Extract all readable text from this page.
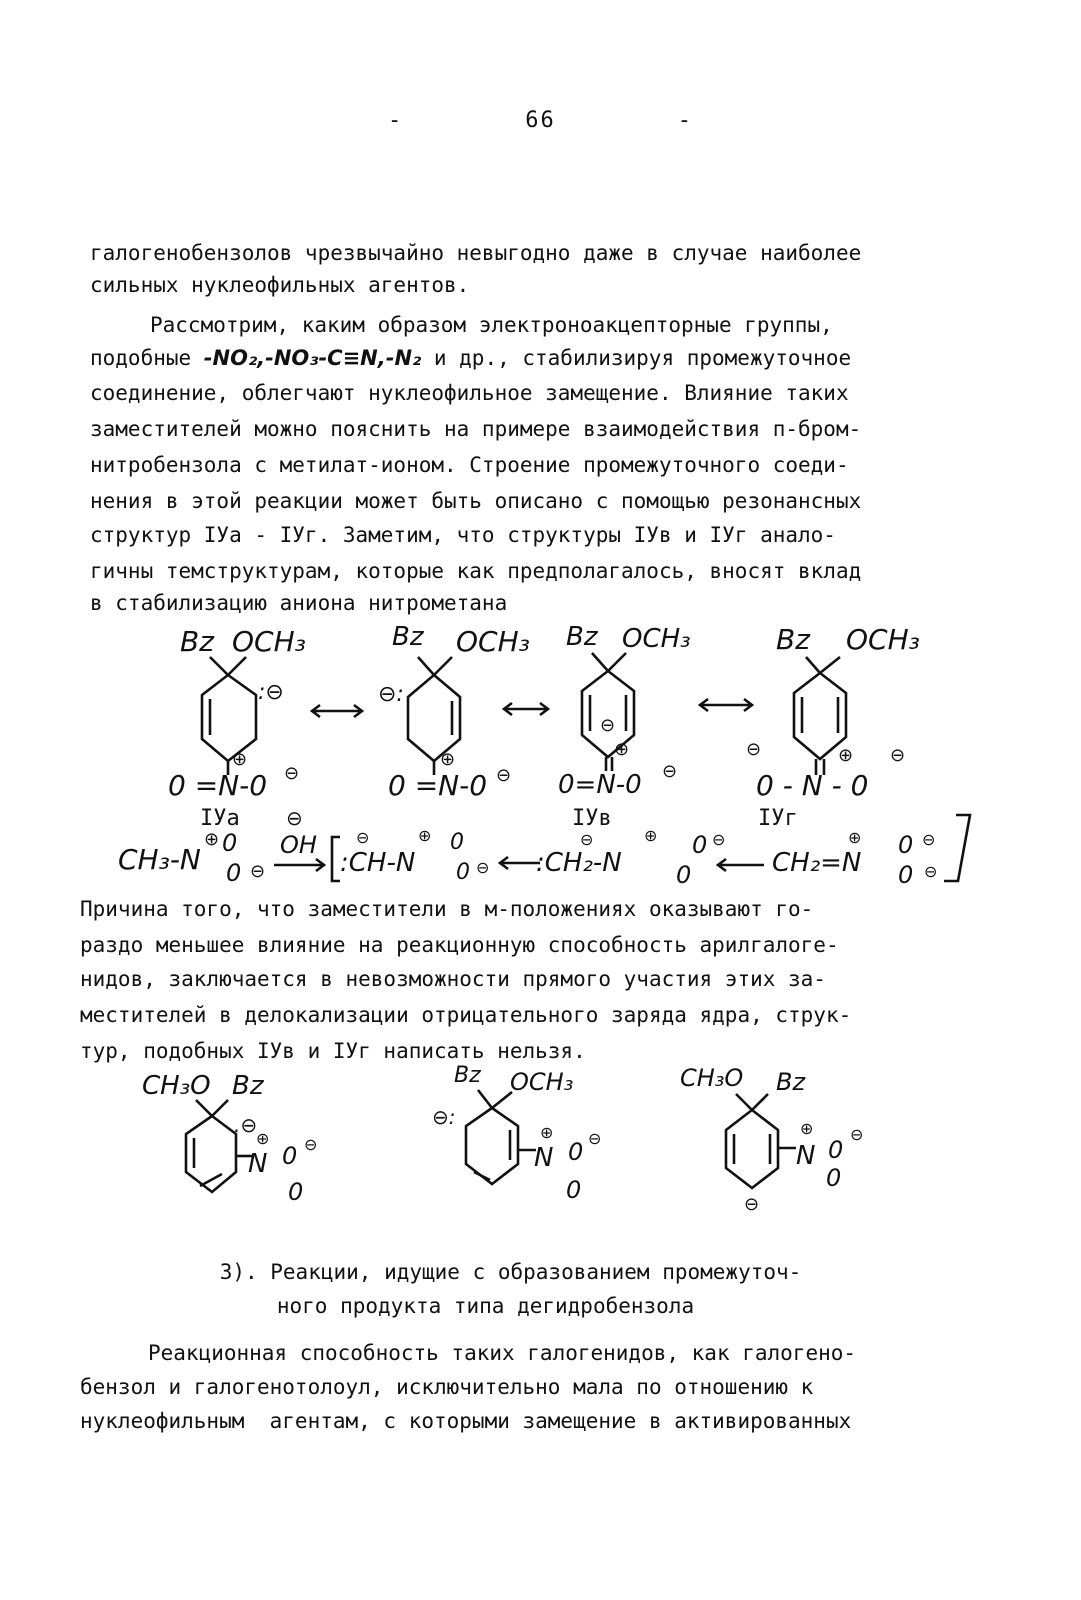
-	66	-
галогенобензолов чрезвычайно невыгодно даже в случае наиболее
сильных нуклеофильных агентов.
Рассмотрим, каким образом электроноакцепторные группы,
подобные -NO₂,-NO₃-C≡N,-N₂ и др., стабилизируя промежуточное
соединение, облегчают нуклеофильное замещение. Влияние таких
заместителей можно пояснить на примере взаимодействия п-бром-
нитробензола с метилат-ионом. Строение промежуточного соеди-
нения в этой реакции может быть описано с помощью резонансных
структур IУа - IУг. Заметим, что структуры IУв и IУг анало-
гичны темструктурам, которые как предполагалось, вносят вклад
в стабилизацию аниона нитрометана
Bz OCH₃
:⊖
⊕
0 =N-0 ⊖
Bz OCH₃
⊖:
⊕
0 =N-0 ⊖
Bz OCH₃
⊖
⊕
0=N-0 ⊖
Bz OCH₃
⊖	⊕ ⊖
0 - N - 0
IУа	IУв	IУг
CH₃-N
⊕ 0
0 ⊖
⊖
OH
:CH-N
⊖	⊕ 0
0 ⊖ :CH₂-N
⊖	⊕ 0 ⊖
0	CH₂=N
⊕ 0 ⊖
0 ⊖
Причина того, что заместители в м-положениях оказывают го-
раздо меньшее влияние на реакционную способность арилгалоге-
нидов, заключается в невозможности прямого участия этих за-
местителей в делокализации отрицательного заряда ядра, струк-
тур, подобных IУв и IУг написать нельзя.
CH₃O Bz
.⊖
⊕
N 0 ⊖
0
Bz OCH₃
⊖:
⊕
N 0 ⊖
0
CH₃O Bz
⊖
⊕
N 0
⊖
0
3). Реакции, идущие с образованием промежуточ-
ного продукта типа дегидробензола
Реакционная способность таких галогенидов, как галогено-
бензол и галогенотолоул, исключительно мала по отношению к
нуклеофильным  агентам, с которыми замещение в активированных
